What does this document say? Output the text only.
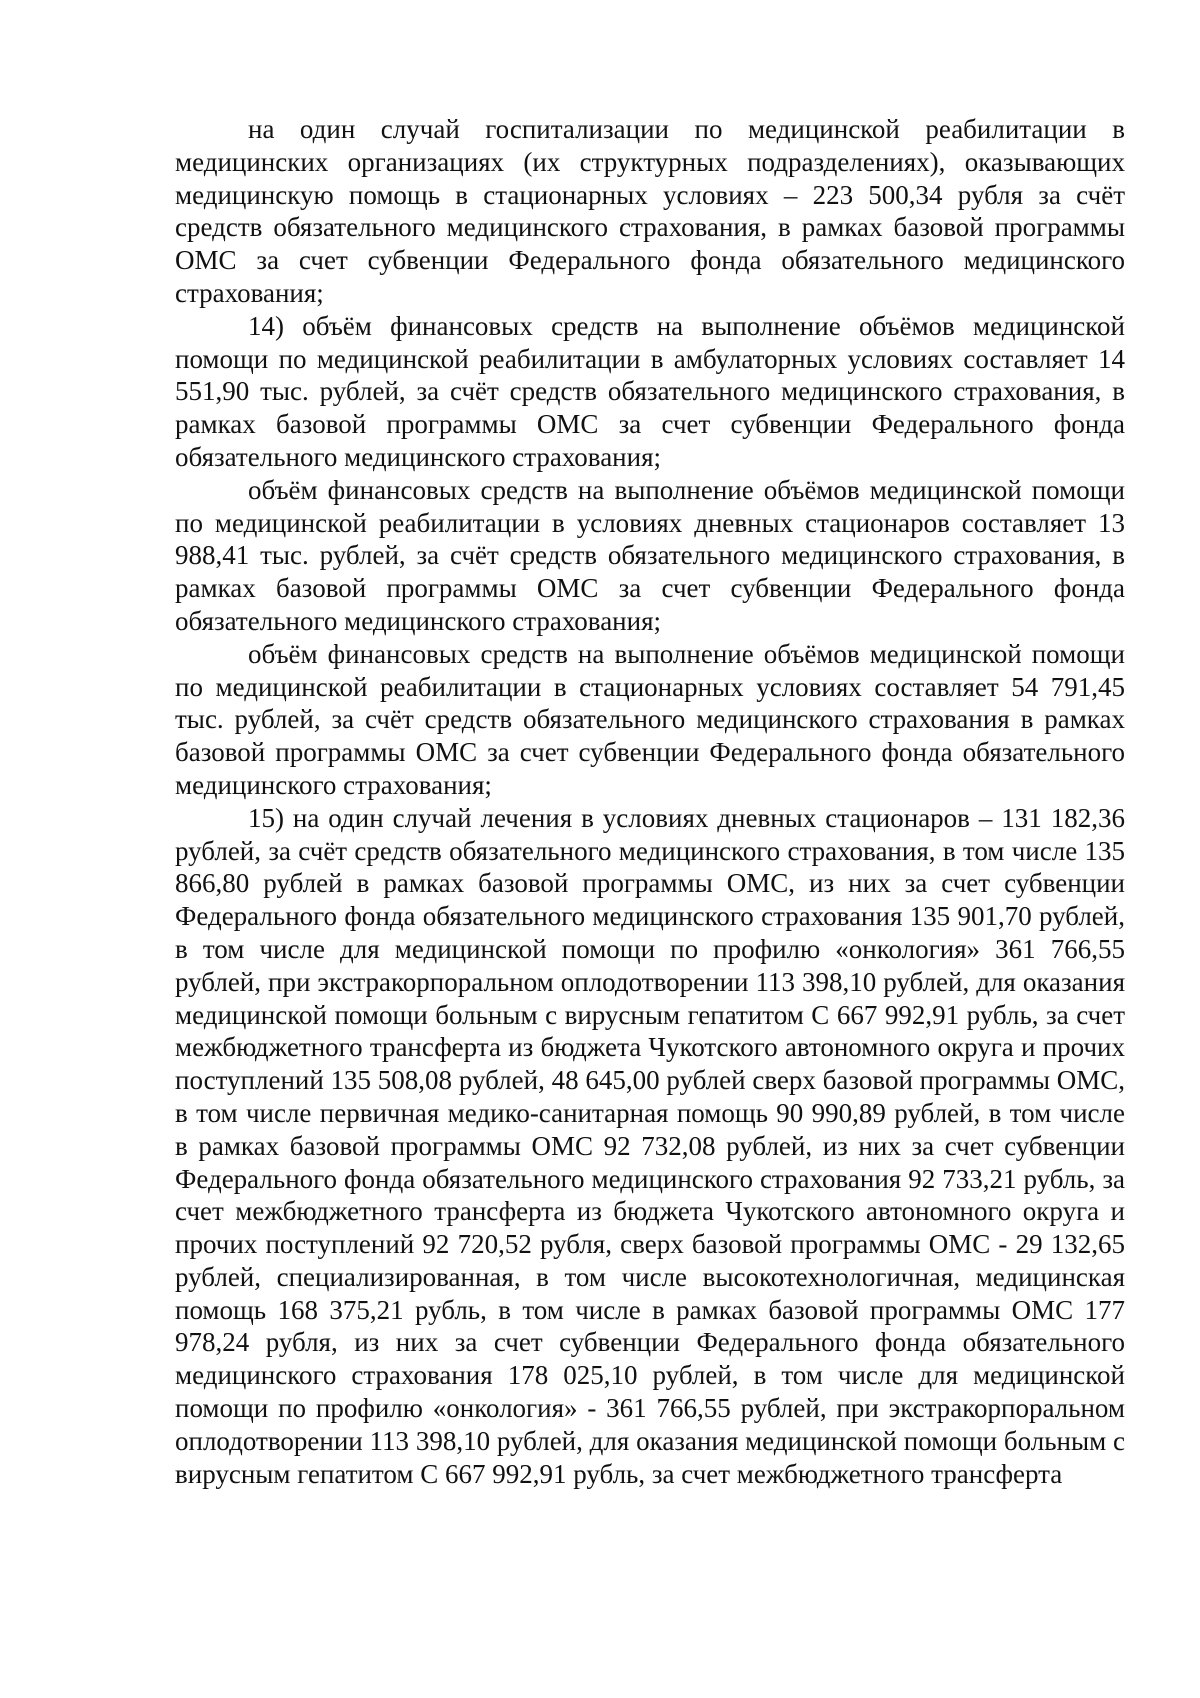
на один случай госпитализации по медицинской реабилитации в медицинских организациях (их структурных подразделениях), оказывающих медицинскую помощь в стационарных условиях – 223 500,34 рубля за счёт средств обязательного медицинского страхования, в рамках базовой программы ОМС за счет субвенции Федерального фонда обязательного медицинского страхования;

14) объём финансовых средств на выполнение объёмов медицинской помощи по медицинской реабилитации в амбулаторных условиях составляет 14 551,90 тыс. рублей, за счёт средств обязательного медицинского страхования, в рамках базовой программы ОМС за счет субвенции Федерального фонда обязательного медицинского страхования;

объём финансовых средств на выполнение объёмов медицинской помощи по медицинской реабилитации в условиях дневных стационаров составляет 13 988,41 тыс. рублей, за счёт средств обязательного медицинского страхования, в рамках базовой программы ОМС за счет субвенции Федерального фонда обязательного медицинского страхования;

объём финансовых средств на выполнение объёмов медицинской помощи по медицинской реабилитации в стационарных условиях составляет 54 791,45 тыс. рублей, за счёт средств обязательного медицинского страхования в рамках базовой программы ОМС за счет субвенции Федерального фонда обязательного медицинского страхования;

15) на один случай лечения в условиях дневных стационаров – 131 182,36 рублей, за счёт средств обязательного медицинского страхования, в том числе 135 866,80 рублей в рамках базовой программы ОМС, из них за счет субвенции Федерального фонда обязательного медицинского страхования 135 901,70 рублей, в том числе для медицинской помощи по профилю «онкология» 361 766,55 рублей, при экстракорпоральном оплодотворении 113 398,10 рублей, для оказания медицинской помощи больным с вирусным гепатитом С 667 992,91 рубль, за счет межбюджетного трансферта из бюджета Чукотского автономного округа и прочих поступлений 135 508,08 рублей, 48 645,00 рублей сверх базовой программы ОМС, в том числе первичная медико-санитарная помощь 90 990,89 рублей, в том числе в рамках базовой программы ОМС 92 732,08 рублей, из них за счет субвенции Федерального фонда обязательного медицинского страхования 92 733,21 рубль, за счет межбюджетного трансферта из бюджета Чукотского автономного округа и прочих поступлений 92 720,52 рубля, сверх базовой программы ОМС - 29 132,65 рублей, специализированная, в том числе высокотехнологичная, медицинская помощь 168 375,21 рубль, в том числе в рамках базовой программы ОМС 177 978,24 рубля, из них за счет субвенции Федерального фонда обязательного медицинского страхования 178 025,10 рублей, в том числе для медицинской помощи по профилю «онкология» - 361 766,55 рублей, при экстракорпоральном оплодотворении 113 398,10 рублей, для оказания медицинской помощи больным с вирусным гепатитом С 667 992,91 рубль, за счет межбюджетного трансферта
